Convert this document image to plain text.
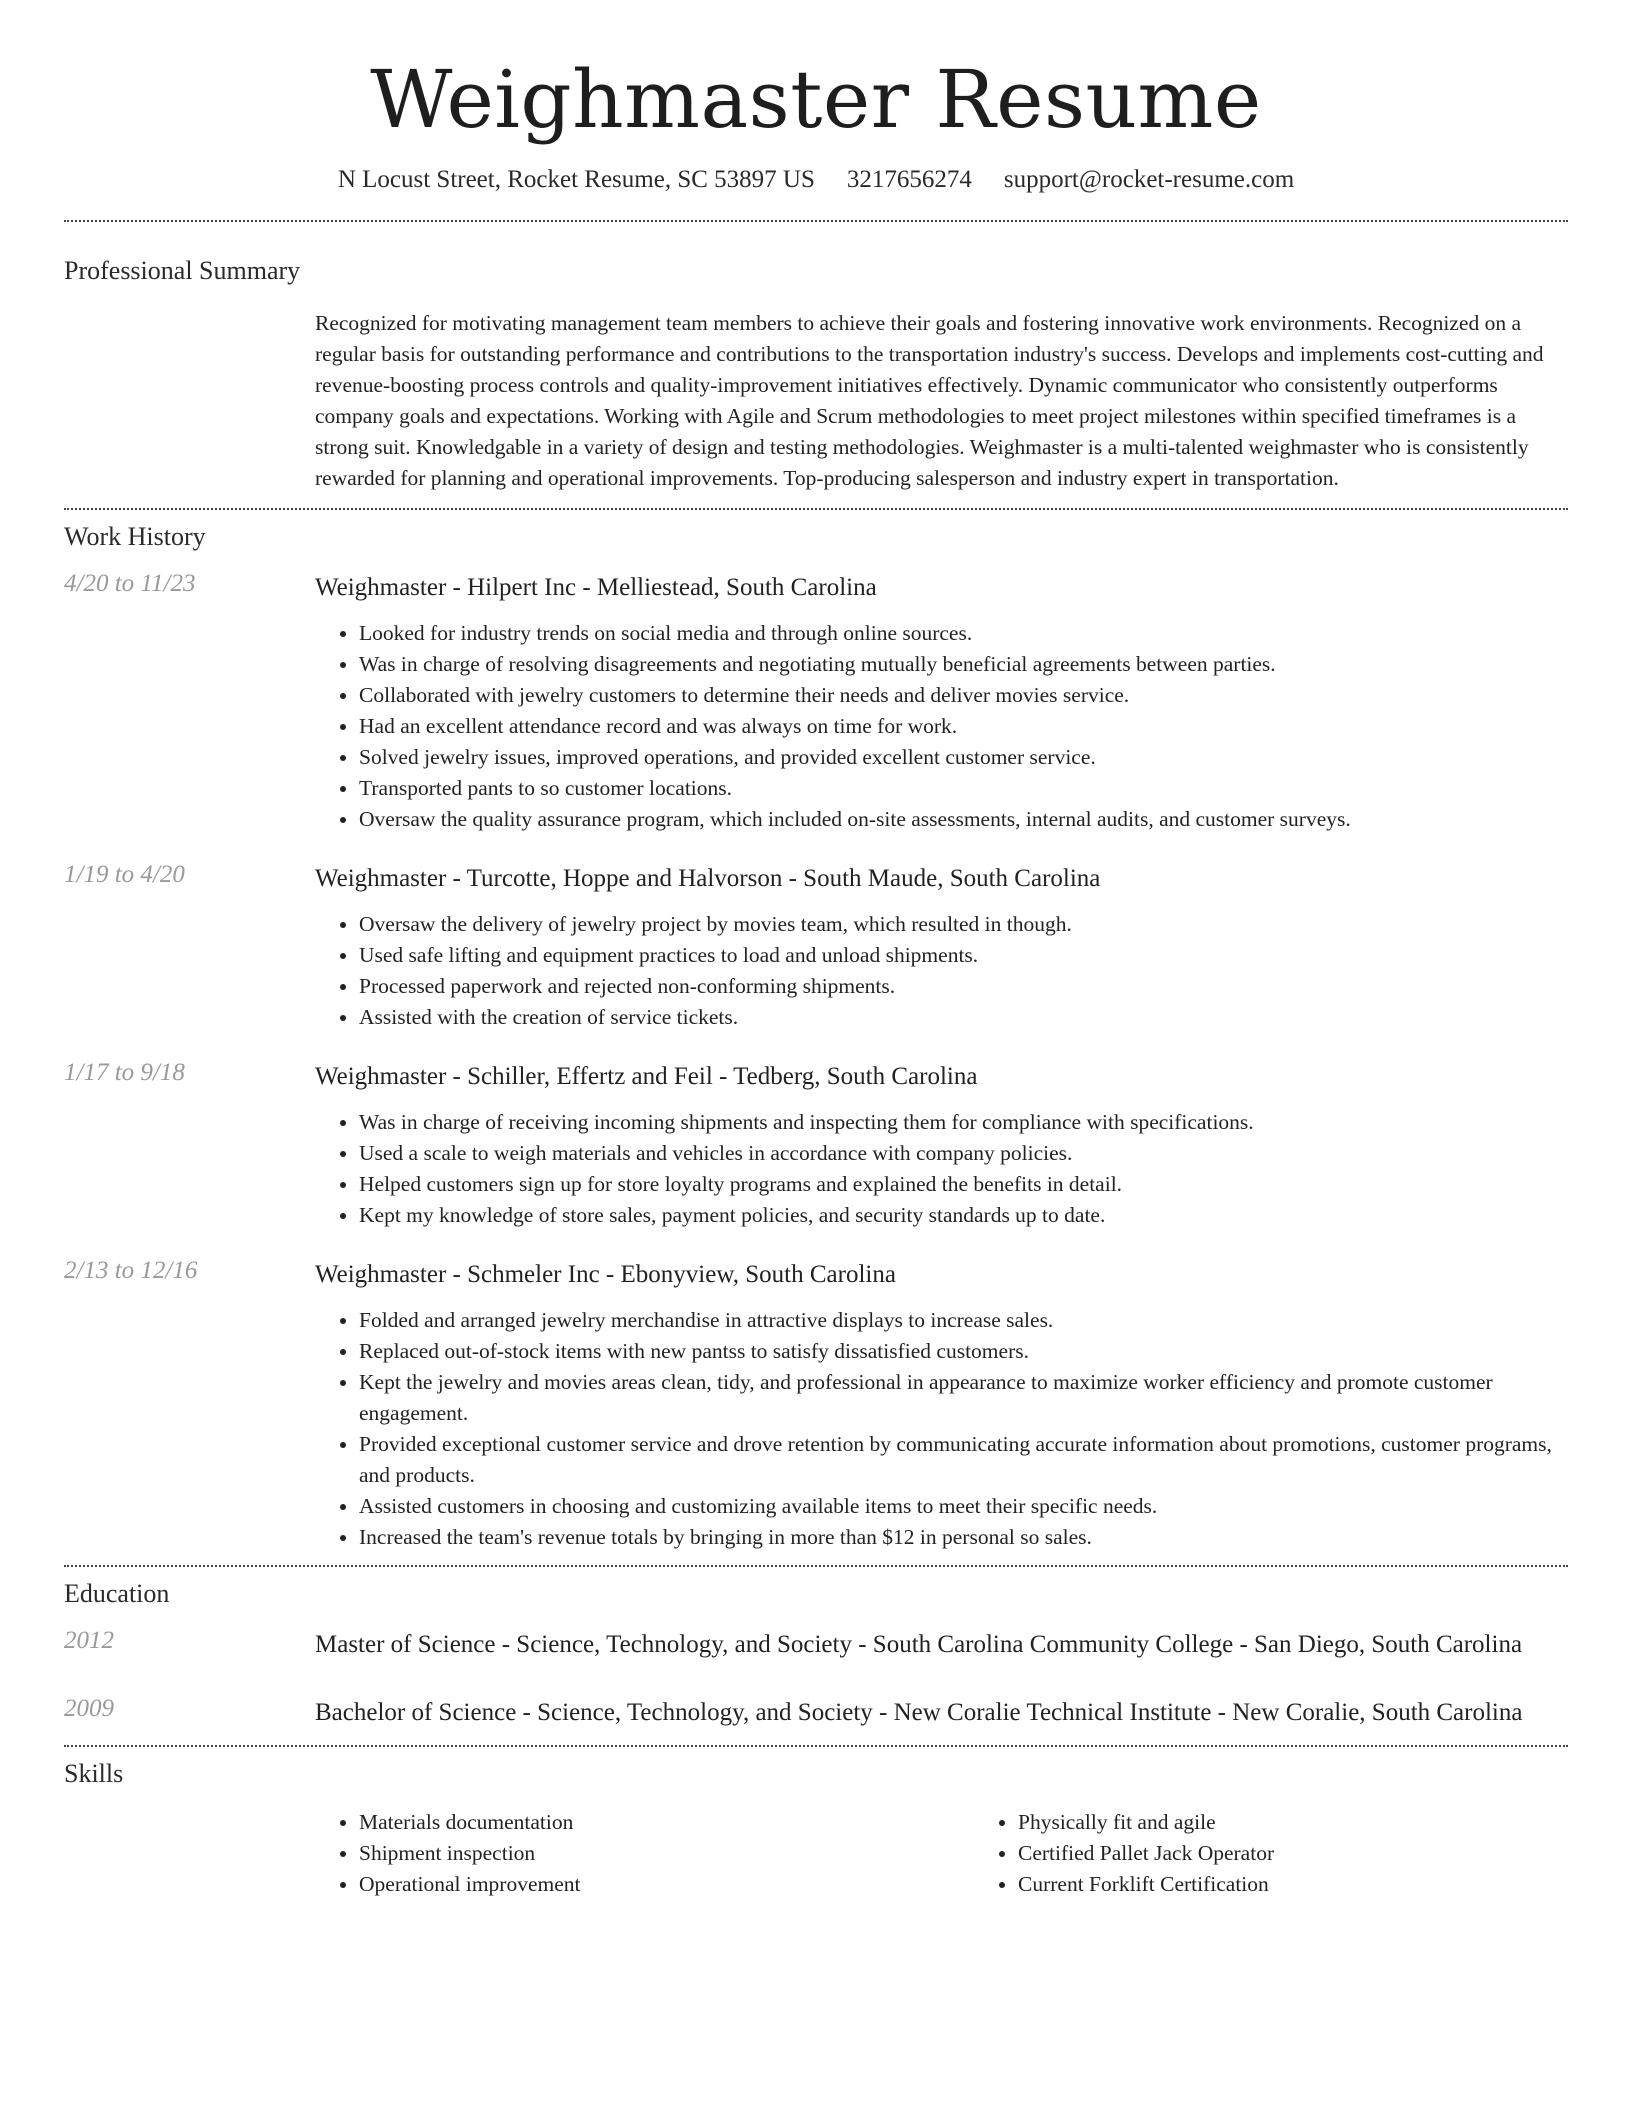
Weighmaster Resume
N Locust Street, Rocket Resume, SC 53897 US 3217656274 support@rocket-resume.com
Professional Summary

Recognized for motivating management team members to achieve their goals and fostering innovative work environments. Recognized on a regular basis for outstanding performance and contributions to the transportation industry's success. Develops and implements cost-cutting and revenue-boosting process controls and quality-improvement initiatives effectively. Dynamic communicator who consistently outperforms company goals and expectations. Working with Agile and Scrum methodologies to meet project milestones within specified timeframes is a strong suit. Knowledgable in a variety of design and testing methodologies. Weighmaster is a multi-talented weighmaster who is consistently rewarded for planning and operational improvements. Top-producing salesperson and industry expert in transportation.

Work History
4/20 to 11/23	Weighmaster - Hilpert Inc - Melliestead, South Carolina
• Looked for industry trends on social media and through online sources.
• Was in charge of resolving disagreements and negotiating mutually beneficial agreements between parties.
• Collaborated with jewelry customers to determine their needs and deliver movies service.
• Had an excellent attendance record and was always on time for work.
• Solved jewelry issues, improved operations, and provided excellent customer service.
• Transported pants to so customer locations.
• Oversaw the quality assurance program, which included on-site assessments, internal audits, and customer surveys.
1/19 to 4/20	Weighmaster - Turcotte, Hoppe and Halvorson - South Maude, South Carolina
• Oversaw the delivery of jewelry project by movies team, which resulted in though.
• Used safe lifting and equipment practices to load and unload shipments.
• Processed paperwork and rejected non-conforming shipments.
• Assisted with the creation of service tickets.
1/17 to 9/18	Weighmaster - Schiller, Effertz and Feil - Tedberg, South Carolina
• Was in charge of receiving incoming shipments and inspecting them for compliance with specifications.
• Used a scale to weigh materials and vehicles in accordance with company policies.
• Helped customers sign up for store loyalty programs and explained the benefits in detail.
• Kept my knowledge of store sales, payment policies, and security standards up to date.
2/13 to 12/16	Weighmaster - Schmeler Inc - Ebonyview, South Carolina
• Folded and arranged jewelry merchandise in attractive displays to increase sales.
• Replaced out-of-stock items with new pantss to satisfy dissatisfied customers.
• Kept the jewelry and movies areas clean, tidy, and professional in appearance to maximize worker efficiency and promote customer engagement.
• Provided exceptional customer service and drove retention by communicating accurate information about promotions, customer programs, and products.
• Assisted customers in choosing and customizing available items to meet their specific needs.
• Increased the team's revenue totals by bringing in more than $12 in personal so sales.
Education
2012	Master of Science - Science, Technology, and Society - South Carolina Community College - San Diego, South Carolina
2009	Bachelor of Science - Science, Technology, and Society - New Coralie Technical Institute - New Coralie, South Carolina
Skills
• Materials documentation
• Shipment inspection
• Operational improvement
• Physically fit and agile
• Certified Pallet Jack Operator
• Current Forklift Certification
